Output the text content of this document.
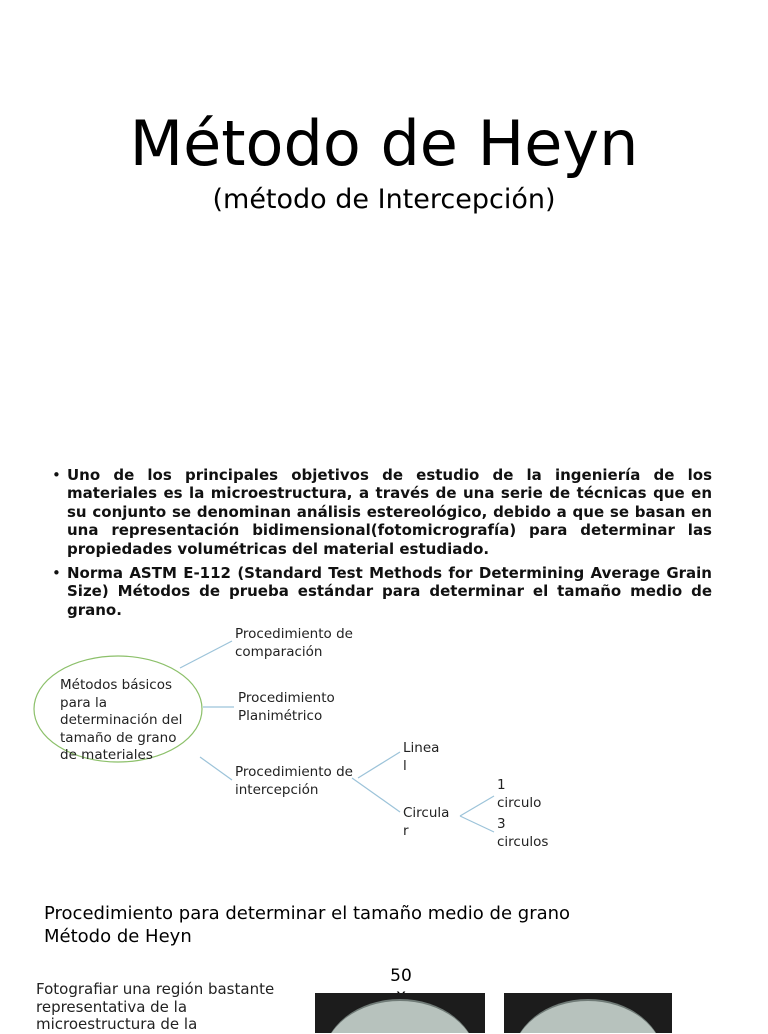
Método de Heyn
(método de Intercepción)
• Uno de los principales objetivos de estudio de la ingeniería de los materiales es la microestructura, a través de una serie de técnicas que en su conjunto se denominan análisis estereológico, debido a que se basan en una representación bidimensional(fotomicrografía) para determinar las propiedades volumétricas del material estudiado.

• Norma ASTM E-112 (Standard Test Methods for Determining Average Grain Size) Métodos de prueba estándar para determinar el tamaño medio de grano.

Métodos básicos
para la
determinación del
tamaño de grano
de materiales
Procedimiento de
comparación
Procedimiento
Planimétrico
Procedimiento de
intercepción
Linea
l
Circula
r
1
circulo
3
circulos
Procedimiento para determinar el tamaño medio de grano
Método de Heyn
Fotografiar una región bastante representativa de la microestructura de la
50
